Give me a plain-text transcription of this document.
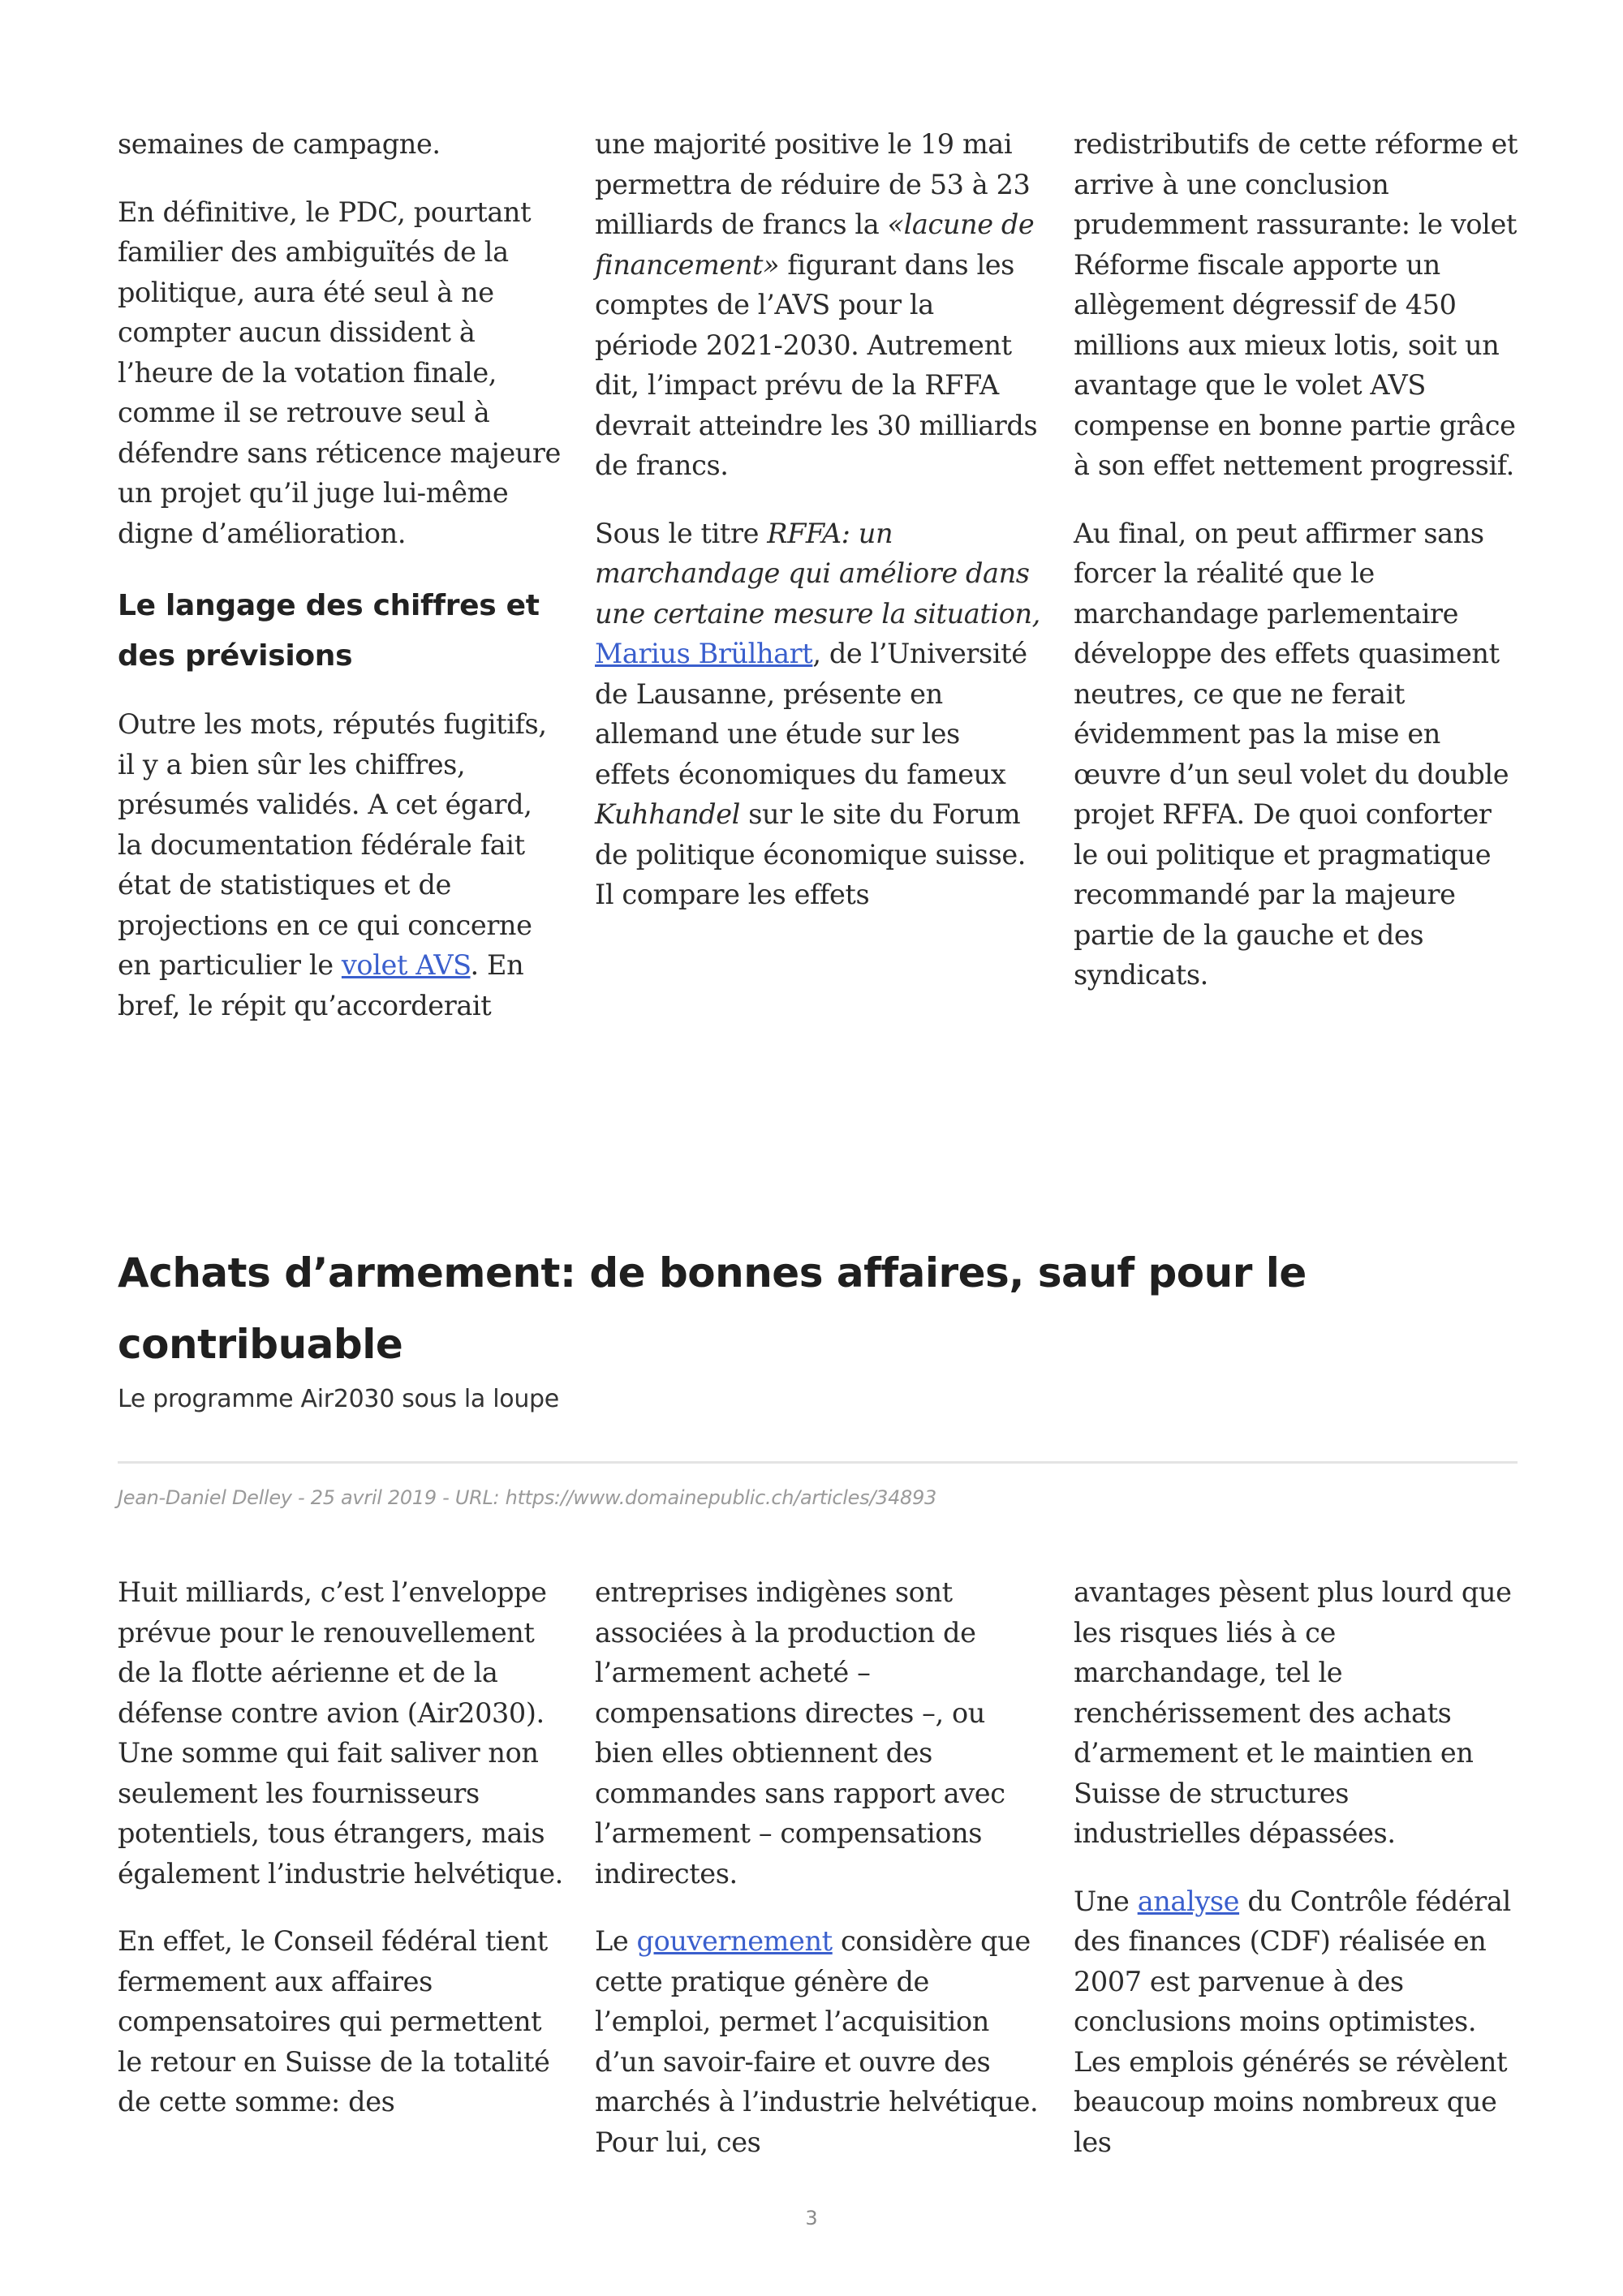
semaines de campagne.

En définitive, le PDC, pourtant familier des ambiguïtés de la politique, aura été seul à ne compter aucun dissident à l’heure de la votation finale, comme il se retrouve seul à défendre sans réticence majeure un projet qu’il juge lui-même digne d’amélioration.

Le langage des chiffres et
des prévisions

Outre les mots, réputés fugitifs, il y a bien sûr les chiffres, présumés validés. A cet égard, la documentation fédérale fait état de statistiques et de projections en ce qui concerne en particulier le volet AVS. En bref, le répit qu’accorderait

une majorité positive le 19 mai permettra de réduire de 53 à 23 milliards de francs la «lacune de financement» figurant dans les comptes de l’AVS pour la période 2021-2030. Autrement dit, l’impact prévu de la RFFA devrait atteindre les 30 milliards de francs.

Sous le titre RFFA: un marchandage qui améliore dans une certaine mesure la situation, Marius Brülhart, de l’Université de Lausanne, présente en allemand une étude sur les effets économiques du fameux Kuhhandel sur le site du Forum de politique économique suisse. Il compare les effets

redistributifs de cette réforme et arrive à une conclusion prudemment rassurante: le volet Réforme fiscale apporte un allègement dégressif de 450 millions aux mieux lotis, soit un avantage que le volet AVS compense en bonne partie grâce à son effet nettement progressif.

Au final, on peut affirmer sans forcer la réalité que le marchandage parlementaire développe des effets quasiment neutres, ce que ne ferait évidemment pas la mise en œuvre d’un seul volet du double projet RFFA. De quoi conforter le oui politique et pragmatique recommandé par la majeure partie de la gauche et des syndicats.

Achats d’armement: de bonnes affaires, sauf pour le
contribuable
Le programme Air2030 sous la loupe
Jean-Daniel Delley - 25 avril 2019 - URL: https://www.domainepublic.ch/articles/34893

Huit milliards, c’est l’enveloppe prévue pour le renouvellement de la flotte aérienne et de la défense contre avion (Air2030). Une somme qui fait saliver non seulement les fournisseurs potentiels, tous étrangers, mais également l’industrie helvétique.

En effet, le Conseil fédéral tient fermement aux affaires compensatoires qui permettent le retour en Suisse de la totalité de cette somme: des

entreprises indigènes sont associées à la production de l’armement acheté – compensations directes –, ou bien elles obtiennent des commandes sans rapport avec l’armement – compensations indirectes.

Le gouvernement considère que cette pratique génère de l’emploi, permet l’acquisition d’un savoir-faire et ouvre des marchés à l’industrie helvétique. Pour lui, ces

avantages pèsent plus lourd que les risques liés à ce marchandage, tel le renchérissement des achats d’armement et le maintien en Suisse de structures industrielles dépassées.

Une analyse du Contrôle fédéral des finances (CDF) réalisée en 2007 est parvenue à des conclusions moins optimistes. Les emplois générés se révèlent beaucoup moins nombreux que les

3
